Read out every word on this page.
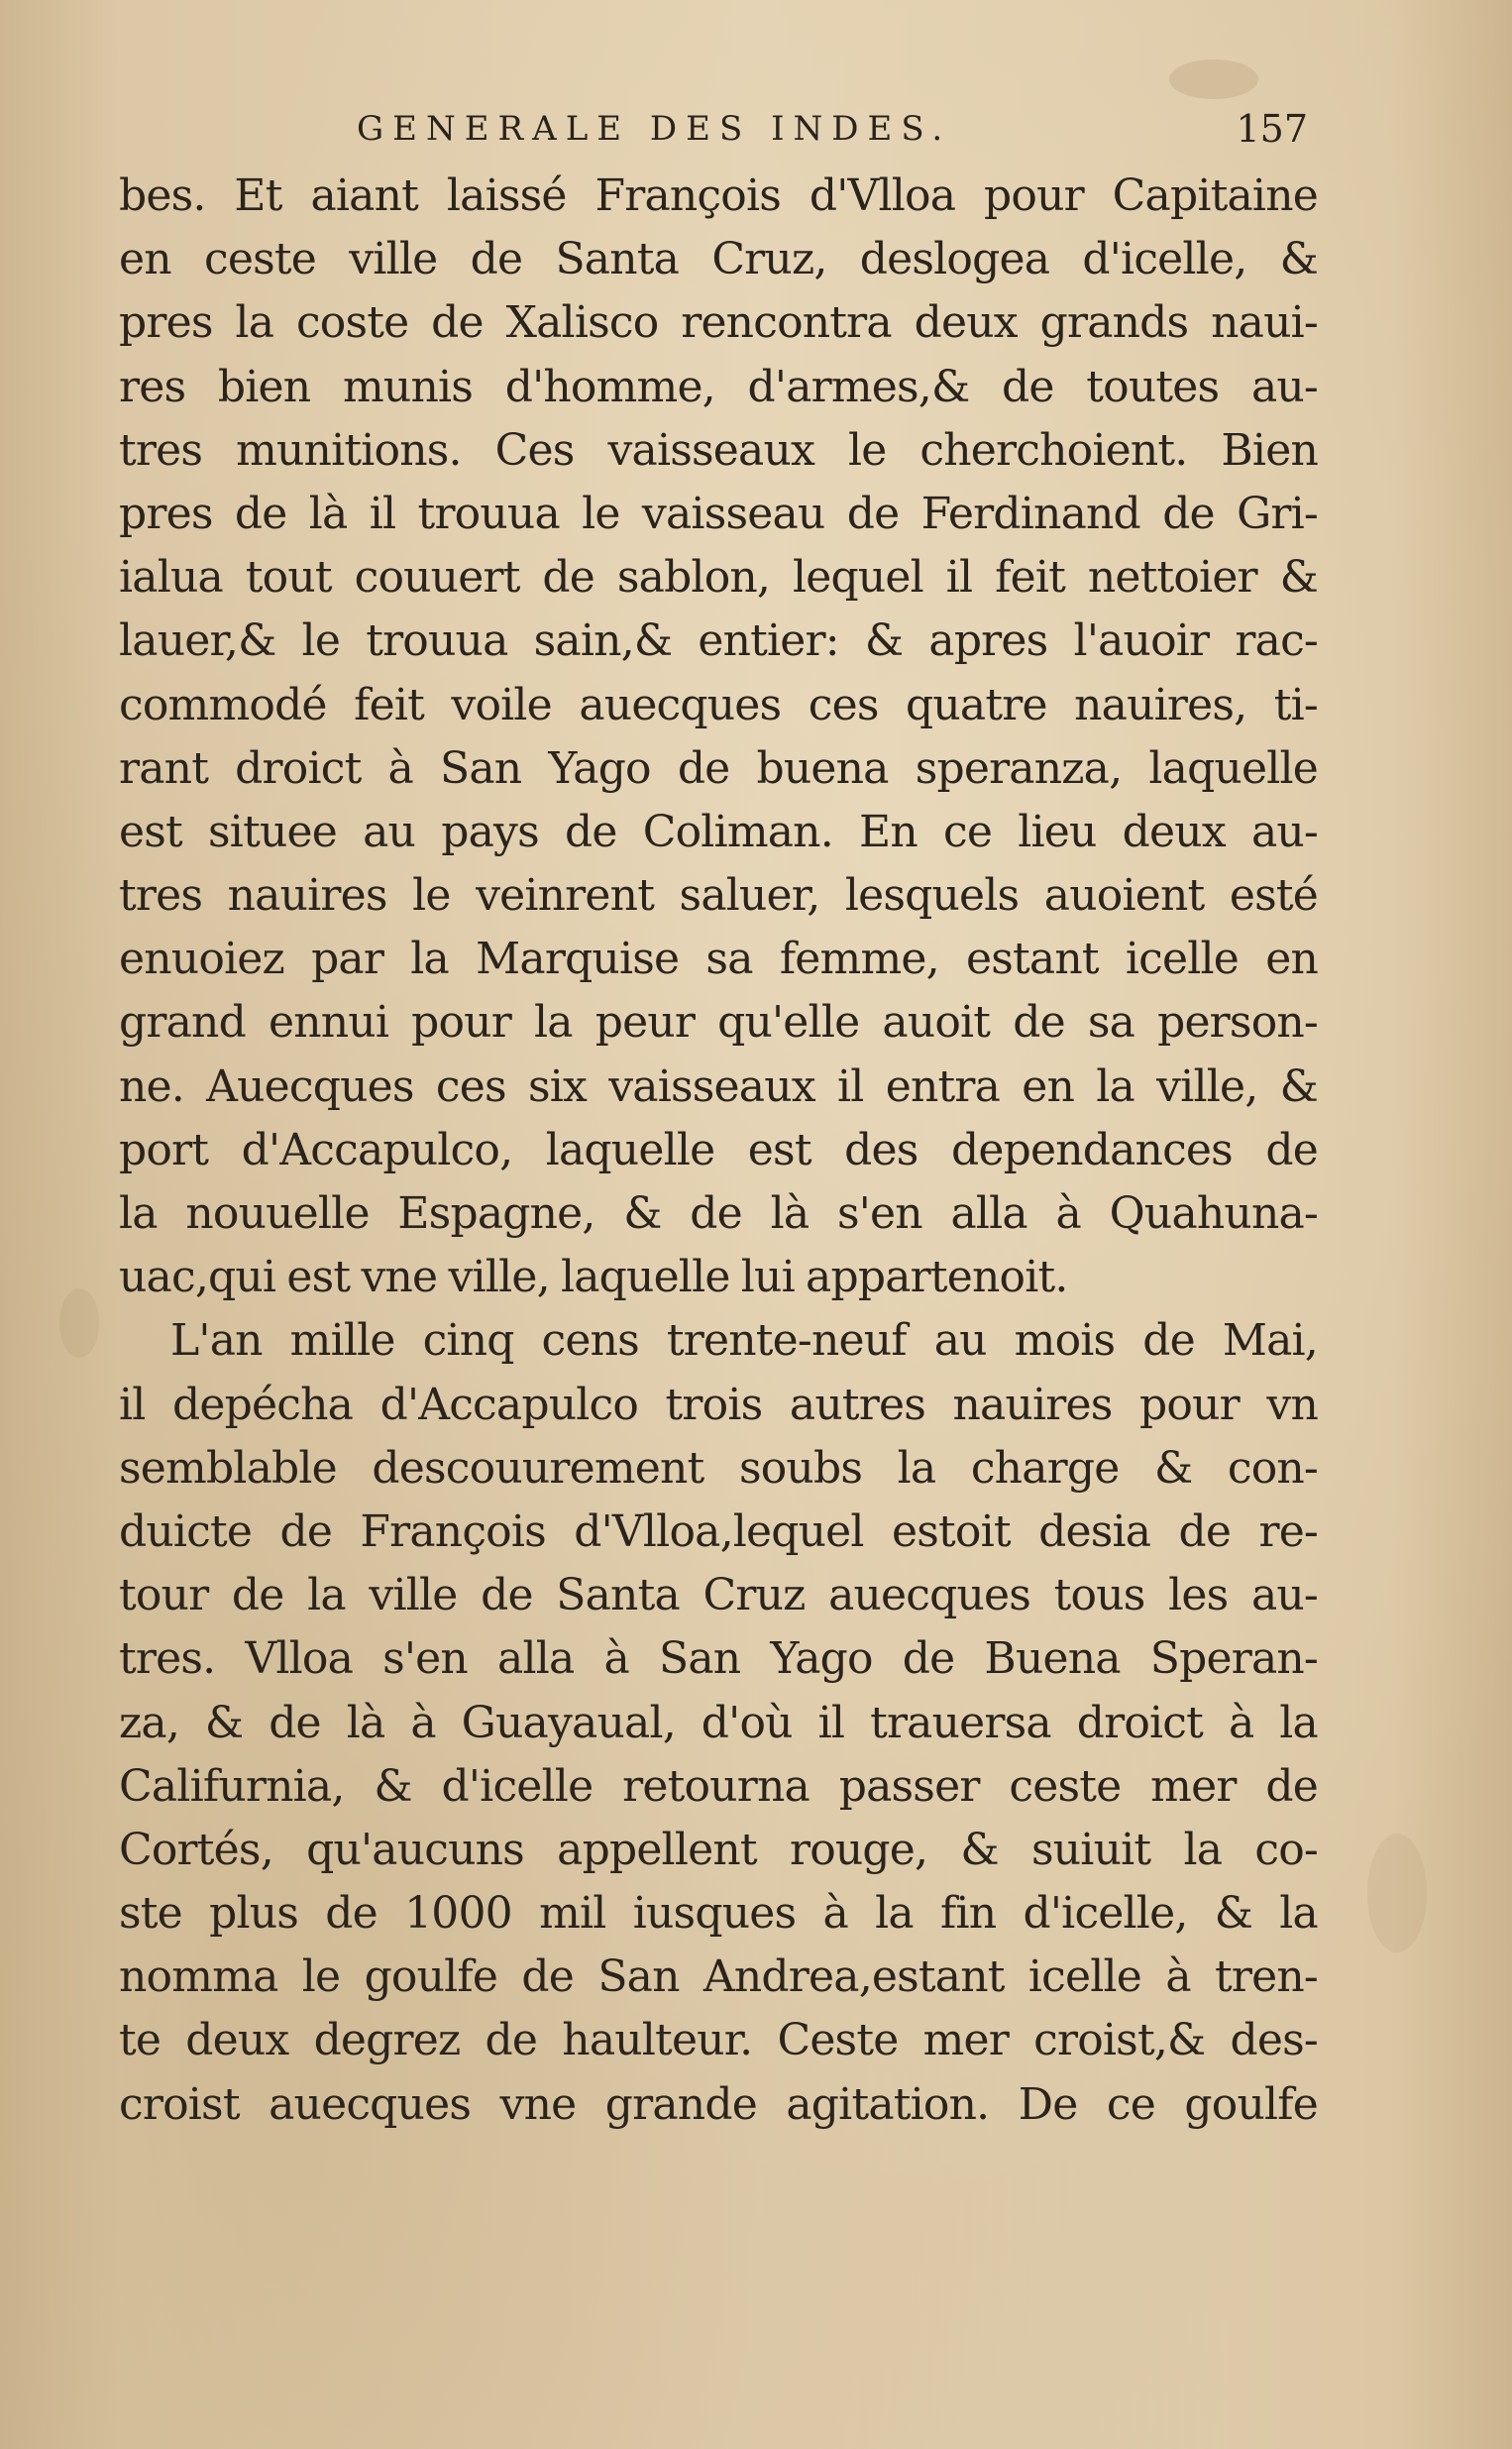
GENERALE DES INDES.	157
bes. Et aiant laissé François d'Vlloa pour Capitaine
en ceste ville de Santa Cruz, deslogea d'icelle, &
pres la coste de Xalisco rencontra deux grands naui-
res bien munis d'homme, d'armes,& de toutes au-
tres munitions. Ces vaisseaux le cherchoient. Bien
pres de là il trouua le vaisseau de Ferdinand de Gri-
ialua tout couuert de sablon, lequel il feit nettoier &
lauer,& le trouua sain,& entier: & apres l'auoir rac-
commodé feit voile auecques ces quatre nauires, ti-
rant droict à San Yago de buena speranza, laquelle
est situee au pays de Coliman. En ce lieu deux au-
tres nauires le veinrent saluer, lesquels auoient esté
enuoiez par la Marquise sa femme, estant icelle en
grand ennui pour la peur qu'elle auoit de sa person-
ne. Auecques ces six vaisseaux il entra en la ville, &
port d'Accapulco, laquelle est des dependances de
la nouuelle Espagne, & de là s'en alla à Quahuna-
uac,qui est vne ville, laquelle lui appartenoit.
L'an mille cinq cens trente-neuf au mois de Mai,
il depécha d'Accapulco trois autres nauires pour vn
semblable descouurement soubs la charge & con-
duicte de François d'Vlloa,lequel estoit desia de re-
tour de la ville de Santa Cruz auecques tous les au-
tres. Vlloa s'en alla à San Yago de Buena Speran-
za, & de là à Guayaual, d'où il trauersa droict à la
Califurnia, & d'icelle retourna passer ceste mer de
Cortés, qu'aucuns appellent rouge, & suiuit la co-
ste plus de 1000 mil iusques à la fin d'icelle, & la
nomma le goulfe de San Andrea,estant icelle à tren-
te deux degrez de haulteur. Ceste mer croist,& des-
croist auecques vne grande agitation. De ce goulfe
